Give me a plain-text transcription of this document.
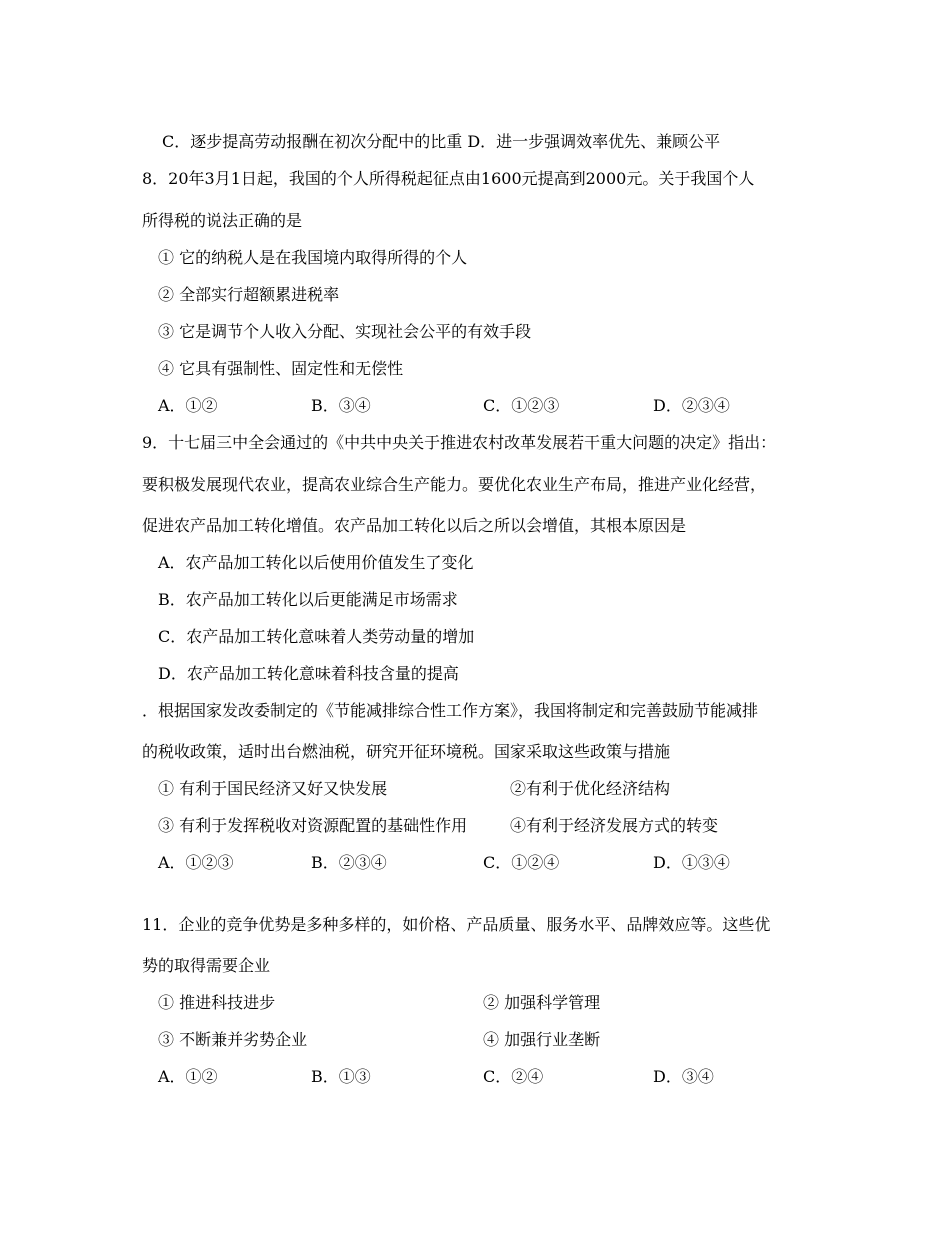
C．逐步提高劳动报酬在初次分配中的比重 D．进一步强调效率优先、兼顾公平
8．20年3月1日起，我国的个人所得税起征点由1600元提高到2000元。关于我国个人
所得税的说法正确的是
① 它的纳税人是在我国境内取得所得的个人
② 全部实行超额累进税率
③ 它是调节个人收入分配、实现社会公平的有效手段
④ 它具有强制性、固定性和无偿性
A．①②	B．③④	C．①②③	D．②③④
9．十七届三中全会通过的《中共中央关于推进农村改革发展若干重大问题的决定》指出：
要积极发展现代农业，提高农业综合生产能力。要优化农业生产布局，推进产业化经营，
促进农产品加工转化增值。农产品加工转化以后之所以会增值，其根本原因是
A．农产品加工转化以后使用价值发生了变化
B．农产品加工转化以后更能满足市场需求
C．农产品加工转化意味着人类劳动量的增加
D．农产品加工转化意味着科技含量的提高
．根据国家发改委制定的《节能减排综合性工作方案》，我国将制定和完善鼓励节能减排
的税收政策，适时出台燃油税，研究开征环境税。国家采取这些政策与措施
① 有利于国民经济又好又快发展	②有利于优化经济结构
③ 有利于发挥税收对资源配置的基础性作用	④有利于经济发展方式的转变
A．①②③	B．②③④	C．①②④	D．①③④
11．企业的竞争优势是多种多样的，如价格、产品质量、服务水平、品牌效应等。这些优
势的取得需要企业
① 推进科技进步	② 加强科学管理
③ 不断兼并劣势企业	④ 加强行业垄断
A．①②	B．①③	C．②④	D．③④
